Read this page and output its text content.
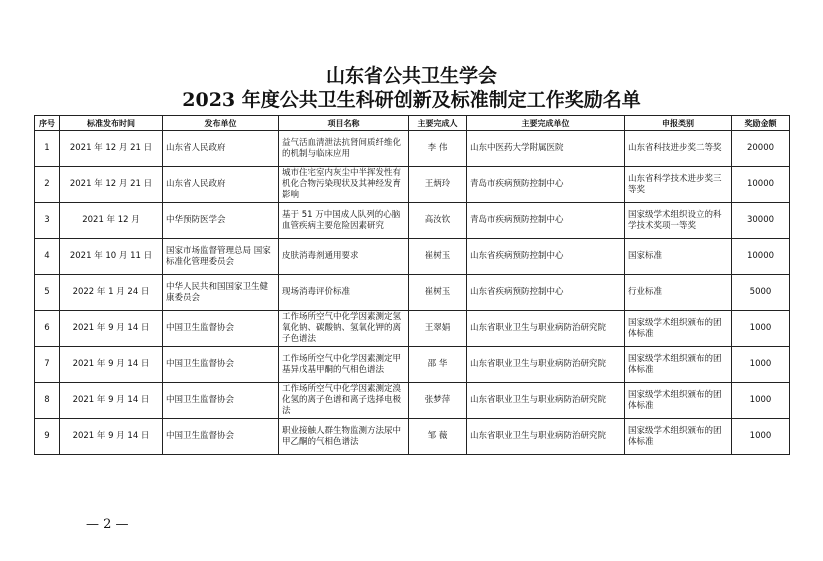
山东省公共卫生学会
2023 年度公共卫生科研创新及标准制定工作奖励名单
序号	标准发布时间	发布单位	项目名称	主要完成人	主要完成单位	申报类别	奖励金额
1	2021 年 12 月 21 日	山东省人民政府	益气活血清泄法抗肾间质纤维化的机制与临床应用	李 伟	山东中医药大学附属医院	山东省科技进步奖二等奖	20000
2	2021 年 12 月 21 日	山东省人民政府	城市住宅室内灰尘中半挥发性有机化合物污染现状及其神经发育影响	王炳玲	青岛市疾病预防控制中心	山东省科学技术进步奖三等奖	10000
3	2021 年 12 月	中华预防医学会	基于 51 万中国成人队列的心脑血管疾病主要危险因素研究	高汝钦	青岛市疾病预防控制中心	国家级学术组织设立的科学技术奖项一等奖	30000
4	2021 年 10 月 11 日	国家市场监督管理总局 国家标准化管理委员会	皮肤消毒剂通用要求	崔树玉	山东省疾病预防控制中心	国家标准	10000
5	2022 年 1 月 24 日	中华人民共和国国家卫生健康委员会	现场消毒评价标准	崔树玉	山东省疾病预防控制中心	行业标准	5000
6	2021 年 9 月 14 日	中国卫生监督协会	工作场所空气中化学因素测定氢氧化钠、碳酸钠、氢氧化钾的离子色谱法	王翠娟	山东省职业卫生与职业病防治研究院	国家级学术组织颁布的团体标准	1000
7	2021 年 9 月 14 日	中国卫生监督协会	工作场所空气中化学因素测定甲基异戊基甲酮的气相色谱法	邵 华	山东省职业卫生与职业病防治研究院	国家级学术组织颁布的团体标准	1000
8	2021 年 9 月 14 日	中国卫生监督协会	工作场所空气中化学因素测定溴化氢的离子色谱和离子选择电极法	张梦萍	山东省职业卫生与职业病防治研究院	国家级学术组织颁布的团体标准	1000
9	2021 年 9 月 14 日	中国卫生监督协会	职业接触人群生物监测方法尿中甲乙酮的气相色谱法	邹 薇	山东省职业卫生与职业病防治研究院	国家级学术组织颁布的团体标准	1000
— 2 —
